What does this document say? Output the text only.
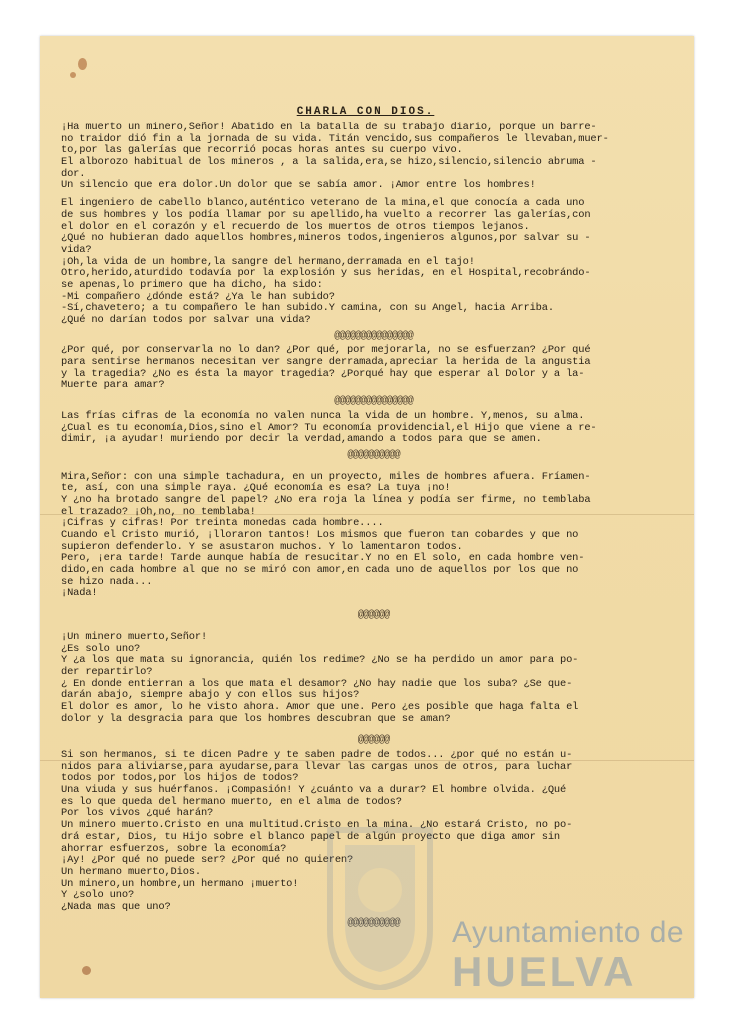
CHARLA CON DIOS.
¡Ha muerto un minero,Señor! Abatido en la batalla de su trabajo diario, porque un barre-
no traidor dió fin a la jornada de su vida. Titán vencido,sus compañeros le llevaban,muer-
to,por las galerías que recorrió pocas horas antes su cuerpo vivo.
El alborozo habitual de los mineros , a la salida,era,se hizo,silencio,silencio abruma -
dor.
Un silencio que era dolor.Un dolor que se sabía amor. ¡Amor entre los hombres!
El ingeniero de cabello blanco,auténtico veterano de la mina,el que conocía a cada uno
de sus hombres y los podía llamar por su apellido,ha vuelto a recorrer las galerías,con
el dolor en el corazón y el recuerdo de los muertos de otros tiempos lejanos.
¿Qué no hubieran dado aquellos hombres,mineros todos,ingenieros algunos,por salvar su -
vida?
¡Oh,la vida de un hombre,la sangre del hermano,derramada en el tajo!
Otro,herido,aturdido todavía por la explosión y sus heridas, en el Hospital,recobrándo-
se apenas,lo primero que ha dicho, ha sido:
-Mi compañero ¿dónde está? ¿Ya le han subido?
-Sí,chavetero; a tu compañero le han subido.Y camina, con su Angel, hacia Arriba.
¿Qué no darían todos por salvar una vida?
@@@@@@@@@@@@@@@
¿Por qué, por conservarla no lo dan? ¿Por qué, por mejorarla, no se esfuerzan? ¿Por qué
para sentirse hermanos necesitan ver sangre derramada,apreciar la herida de la angustia
y la tragedia? ¿No es ésta la mayor tragedia? ¿Porqué hay que esperar al Dolor y a la-
Muerte para amar?
@@@@@@@@@@@@@@@
Las frías cifras de la economía no valen nunca la vida de un hombre. Y,menos, su alma.
¿Cual es tu economía,Dios,sino el Amor? Tu economía providencial,el Hijo que viene a re-
dimir, ¡a ayudar! muriendo por decir la verdad,amando a todos para que se amen.
@@@@@@@@@@
Mira,Señor: con una simple tachadura, en un proyecto, miles de hombres afuera. Fríamen-
te, así, con una simple raya. ¿Qué economía es esa? La tuya ¡no!
Y ¿no ha brotado sangre del papel? ¿No era roja la línea y podía ser firme, no temblaba
el trazado? ¡Oh,no, no temblaba!
¡Cifras y cifras! Por treinta monedas cada hombre....
Cuando el Cristo murió, ¡lloraron tantos! Los mismos que fueron tan cobardes y que no
supieron defenderlo. Y se asustaron muchos. Y lo lamentaron todos.
Pero, ¡era tarde! Tarde aunque había de resucitar.Y no en El solo, en cada hombre ven-
dido,en cada hombre al que no se miró con amor,en cada uno de aquellos por los que no
se hizo nada...
¡Nada!
@@@@@@
¡Un minero muerto,Señor!
¿Es solo uno?
Y ¿a los que mata su ignorancia, quién los redime? ¿No se ha perdido un amor para po-
der repartirlo?
¿ En donde entierran a los que mata el desamor? ¿No hay nadie que los suba? ¿Se que-
darán abajo, siempre abajo y con ellos sus hijos?
El dolor es amor, lo he visto ahora. Amor que une. Pero ¿es posible que haga falta el
dolor y la desgracia para que los hombres descubran que se aman?
@@@@@@
Si son hermanos, si te dicen Padre y te saben padre de todos... ¿por qué no están u-
nidos para aliviarse,para ayudarse,para llevar las cargas unos de otros, para luchar
todos por todos,por los hijos de todos?
Una viuda y sus huérfanos. ¡Compasión! Y ¿cuánto va a durar? El hombre olvida. ¿Qué
es lo que queda del hermano muerto, en el alma de todos?
Por los vivos ¿qué harán?
Un minero muerto.Cristo en una multitud.Cristo en la mina. ¿No estará Cristo, no po-
drá estar, Dios, tu Hijo sobre el blanco papel de algún proyecto que diga amor sin
ahorrar esfuerzos, sobre la economía?
¡Ay! ¿Por qué no puede ser? ¿Por qué no quieren?
Un hermano muerto,Dios.
Un minero,un hombre,un hermano ¡muerto!
Y ¿solo uno?
¿Nada mas que uno?
@@@@@@@@@@	Ayuntamiento de
HUELVA
